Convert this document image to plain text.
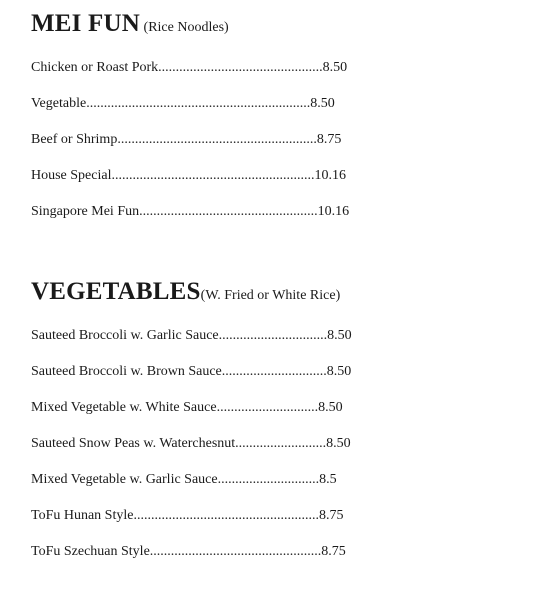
MEI FUN (Rice Noodles)
Chicken or Roast Pork...............................................8.50
Vegetable................................................................8.50
Beef or Shrimp.........................................................8.75
House Special..........................................................10.16
Singapore Mei Fun...................................................10.16
VEGETABLES(W. Fried or White Rice)
Sauteed Broccoli w. Garlic Sauce...............................8.50
Sauteed Broccoli w. Brown Sauce..............................8.50
Mixed Vegetable w. White Sauce.............................8.50
Sauteed Snow Peas w. Waterchesnut..........................8.50
Mixed Vegetable w. Garlic Sauce.............................8.5
ToFu Hunan Style.....................................................8.75
ToFu Szechuan Style.................................................8.75
